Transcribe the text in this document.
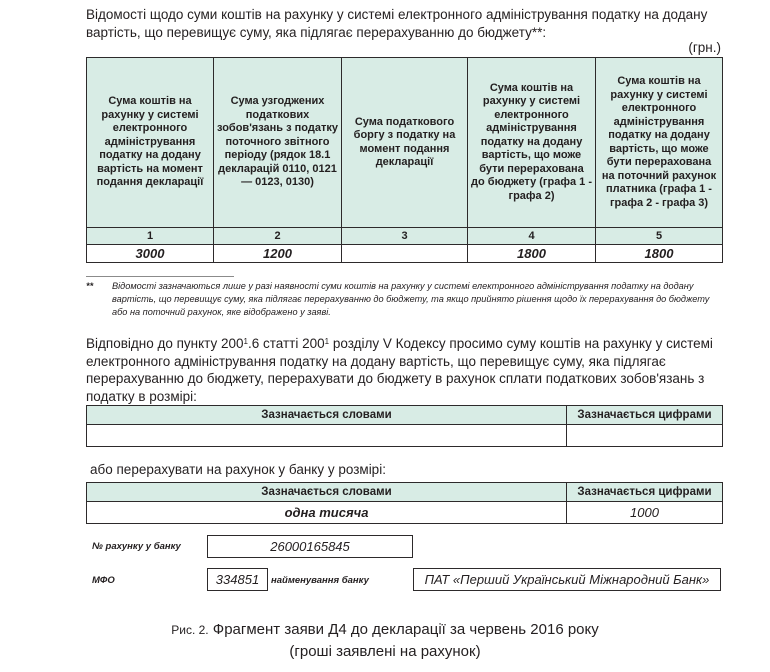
Відомості щодо суми коштів на рахунку у системі електронного адміністрування податку на додану вартість, що перевищує суму, яка підлягає перерахуванню до бюджету**:
(грн.)
Сума коштів на рахунку у системі електронного адміністрування податку на додану вартість на момент подання декларації	Сума узгоджених податкових зобов'язань з податку поточного звітного періоду (рядок 18.1 декларацій 0110, 0121 — 0123, 0130)	Сума податкового боргу з податку на момент подання декларації	Сума коштів на рахунку у системі електронного адміністрування податку на додану вартість, що може бути перерахована до бюджету (графа 1 - графа 2)	Сума коштів на рахунку у системі електронного адміністрування податку на додану вартість, що може бути перерахована на поточний рахунок платника (графа 1 - графа 2 - графа 3)
1	2	3	4	5
3000	1200		1800	1800
** Відомості зазначаються лише у разі наявності суми коштів на рахунку у системі електронного адміністрування податку на додану вартість, що перевищує суму, яка підлягає перерахуванню до бюджету, та якщо прийнято рішення щодо їх перерахування до бюджету або на поточний рахунок, яке відображено у заяві.
Відповідно до пункту $200^1.6$ статті $200^1$ розділу V Кодексу просимо суму коштів на рахунку у системі електронного адміністрування податку на додану вартість, що перевищує суму, яка підлягає перерахуванню до бюджету, перерахувати до бюджету в рахунок сплати податкових зобов'язань з податку в розмірі:
Зазначається словами	Зазначається цифрами

або перерахувати на рахунок у банку у розмірі:
Зазначається словами	Зазначається цифрами
одна тисяча	1000
№ рахунку у банку	26000165845
МФО	334851	найменування банку	ПАТ «Перший Український Міжнародний Банк»
Рис. 2. Фрагмент заяви Д4 до декларації за червень 2016 року
(гроші заявлені на рахунок)
